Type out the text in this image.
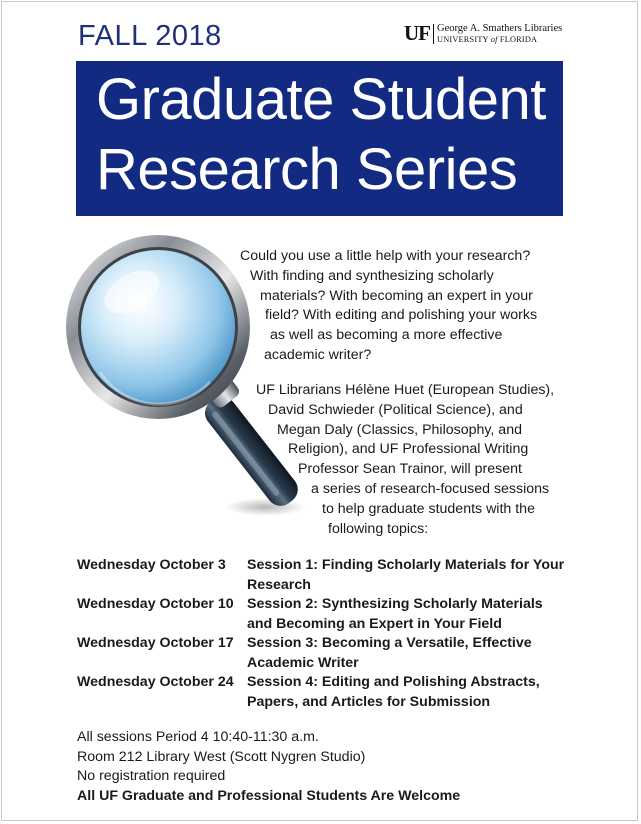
FALL 2018	UF George A. Smathers Libraries
UNIVERSITY of FLORIDA
Graduate Student
Research Series
Could you use a little help with your research?
With finding and synthesizing scholarly
materials? With becoming an expert in your
field? With editing and polishing your works
as well as becoming a more effective
academic writer?
UF Librarians Hélène Huet (European Studies),
David Schwieder (Political Science), and
Megan Daly (Classics, Philosophy, and
Religion), and UF Professional Writing
Professor Sean Trainor, will present
a series of research-focused sessions
to help graduate students with the
following topics:
Wednesday October 3	Session 1: Finding Scholarly Materials for Your
Research
Wednesday October 10 Session 2: Synthesizing Scholarly Materials
and Becoming an Expert in Your Field
Wednesday October 17 Session 3: Becoming a Versatile, Effective
Academic Writer
Wednesday October 24 Session 4: Editing and Polishing Abstracts,
Papers, and Articles for Submission
All sessions Period 4 10:40-11:30 a.m.
Room 212 Library West (Scott Nygren Studio)
No registration required
All UF Graduate and Professional Students Are Welcome
